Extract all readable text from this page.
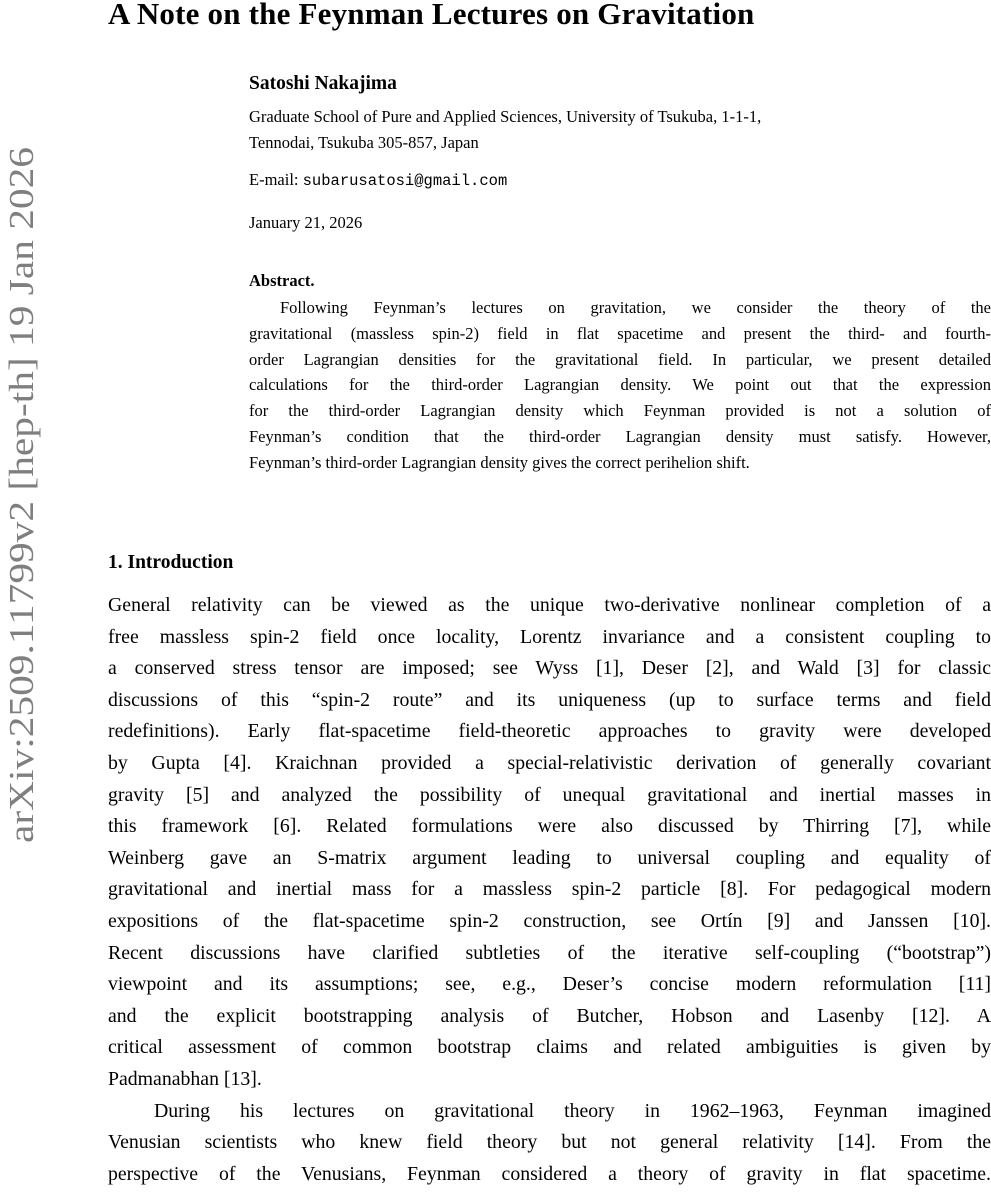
arXiv:2509.11799v2 [hep-th] 19 Jan 2026
A Note on the Feynman Lectures on Gravitation
Satoshi Nakajima
Graduate School of Pure and Applied Sciences, University of Tsukuba, 1-1-1,
Tennodai, Tsukuba 305-857, Japan
E-mail: subarusatosi@gmail.com
January 21, 2026
Abstract.
Following Feynman’s lectures on gravitation, we consider the theory of the
gravitational (massless spin-2) field in flat spacetime and present the third- and fourth-
order Lagrangian densities for the gravitational field. In particular, we present detailed
calculations for the third-order Lagrangian density. We point out that the expression
for the third-order Lagrangian density which Feynman provided is not a solution of
Feynman’s condition that the third-order Lagrangian density must satisfy. However,
Feynman’s third-order Lagrangian density gives the correct perihelion shift.
1. Introduction
General relativity can be viewed as the unique two-derivative nonlinear completion of a
free massless spin-2 field once locality, Lorentz invariance and a consistent coupling to
a conserved stress tensor are imposed; see Wyss [1], Deser [2], and Wald [3] for classic
discussions of this “spin-2 route” and its uniqueness (up to surface terms and field
redefinitions). Early flat-spacetime field-theoretic approaches to gravity were developed
by Gupta [4]. Kraichnan provided a special-relativistic derivation of generally covariant
gravity [5] and analyzed the possibility of unequal gravitational and inertial masses in
this framework [6]. Related formulations were also discussed by Thirring [7], while
Weinberg gave an S-matrix argument leading to universal coupling and equality of
gravitational and inertial mass for a massless spin-2 particle [8]. For pedagogical modern
expositions of the flat-spacetime spin-2 construction, see Ortín [9] and Janssen [10].
Recent discussions have clarified subtleties of the iterative self-coupling (“bootstrap”)
viewpoint and its assumptions; see, e.g., Deser’s concise modern reformulation [11]
and the explicit bootstrapping analysis of Butcher, Hobson and Lasenby [12]. A
critical assessment of common bootstrap claims and related ambiguities is given by
Padmanabhan [13].
During his lectures on gravitational theory in 1962–1963, Feynman imagined
Venusian scientists who knew field theory but not general relativity [14]. From the
perspective of the Venusians, Feynman considered a theory of gravity in flat spacetime.
